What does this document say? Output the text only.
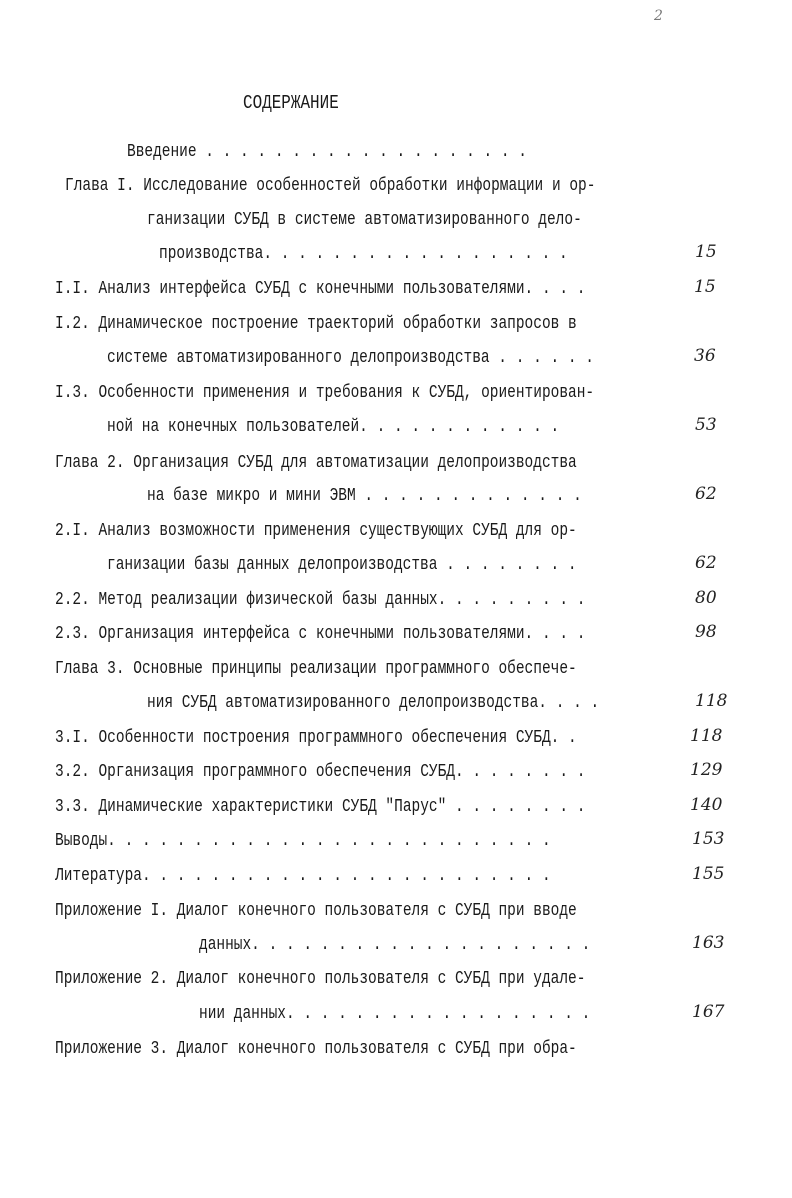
2
СОДЕРЖАНИЕ
Введение . . . . . . . . . . . . . . . . . . .
Глава I. Исследование особенностей обработки информации и ор-
ганизации СУБД в системе автоматизированного дело-
производства. . . . . . . . . . . . . . . . . .	15
I.I. Анализ интерфейса СУБД с конечными пользователями. . . .	15
I.2. Динамическое построение траекторий обработки запросов в
системе автоматизированного делопроизводства . . . . . .	36
I.3. Особенности применения и требования к СУБД, ориентирован-
ной на конечных пользователей. . . . . . . . . . . .	53
Глава 2. Организация СУБД для автоматизации делопроизводства
на базе микро и мини ЭВМ . . . . . . . . . . . . .	62
2.I. Анализ возможности применения существующих СУБД для ор-
ганизации базы данных делопроизводства . . . . . . . .	62
2.2. Метод реализации физической базы данных. . . . . . . . .	80
2.3. Организация интерфейса с конечными пользователями. . . .	98
Глава 3. Основные принципы реализации программного обеспече-
ния СУБД автоматизированного делопроизводства. . . .	118
3.I. Особенности построения программного обеспечения СУБД. .	118
3.2. Организация программного обеспечения СУБД. . . . . . . .	129
3.3. Динамические характеристики СУБД "Парус" . . . . . . . .	140
Выводы. . . . . . . . . . . . . . . . . . . . . . . . . .	153
Литература. . . . . . . . . . . . . . . . . . . . . . . .	155
Приложение I. Диалог конечного пользователя с СУБД при вводе
данных. . . . . . . . . . . . . . . . . . . .	163
Приложение 2. Диалог конечного пользователя с СУБД при удале-
нии данных. . . . . . . . . . . . . . . . . .	167
Приложение 3. Диалог конечного пользователя с СУБД при обра-
